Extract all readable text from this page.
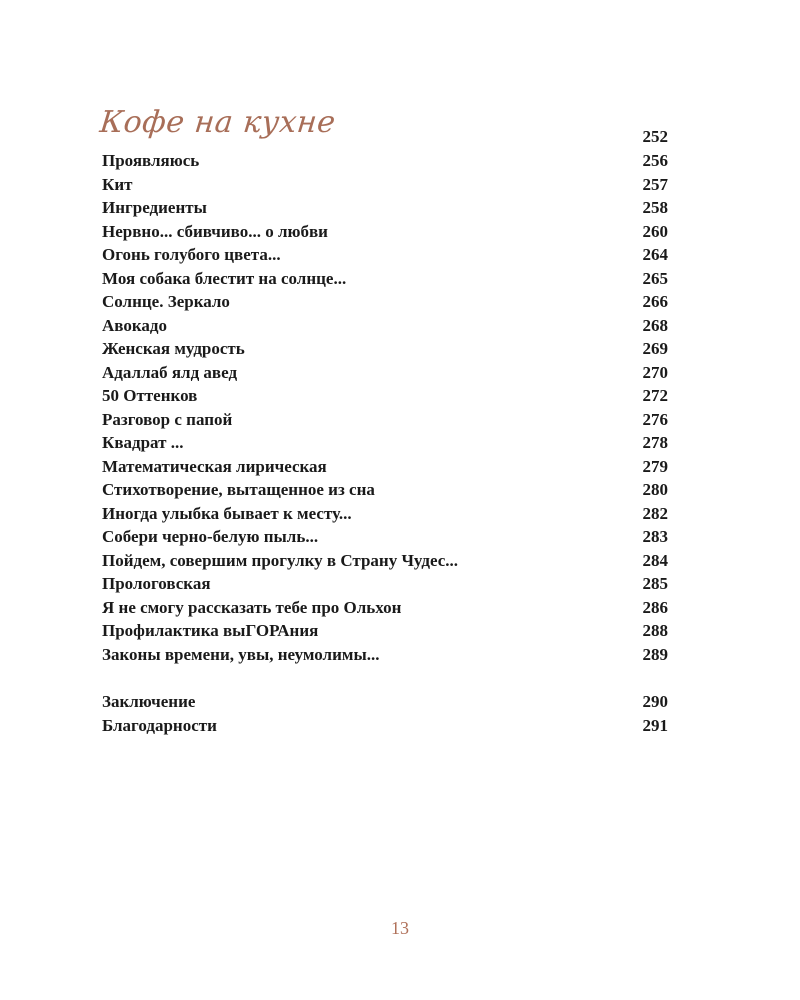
Кофе на кухне	252
Проявляюсь	256
Кит	257
Ингредиенты	258
Нервно... сбивчиво... о любви	260
Огонь голубого цвета...	264
Моя собака блестит на солнце...	265
Солнце. Зеркало	266
Авокадо	268
Женская мудрость	269
Адаллаб ялд авед	270
50 Оттенков	272
Разговор с папой	276
Квадрат ...	278
Математическая лирическая	279
Стихотворение, вытащенное из сна	280
Иногда улыбка бывает к месту...	282
Собери черно-белую пыль...	283
Пойдем, совершим прогулку в Страну Чудес...	284
Прологовская	285
Я не смогу рассказать тебе про Ольхон	286
Профилактика выГОРАния	288
Законы времени, увы, неумолимы...	289
Заключение	290
Благодарности	291
13
